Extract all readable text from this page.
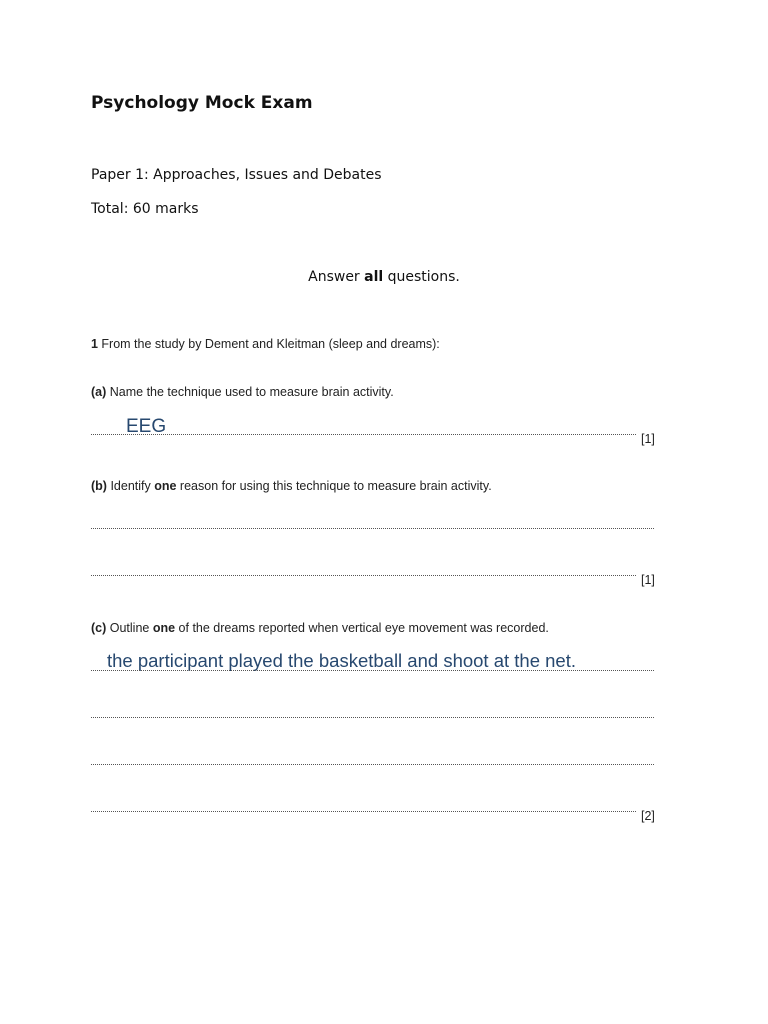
Psychology Mock Exam
Paper 1: Approaches, Issues and Debates
Total: 60 marks
Answer all questions.
1 From the study by Dement and Kleitman (sleep and dreams):
(a) Name the technique used to measure brain activity.
EEG
[1]
(b) Identify one reason for using this technique to measure brain activity.
[1]
(c) Outline one of the dreams reported when vertical eye movement was recorded.
the participant played the basketball and shoot at the net.
[2]
